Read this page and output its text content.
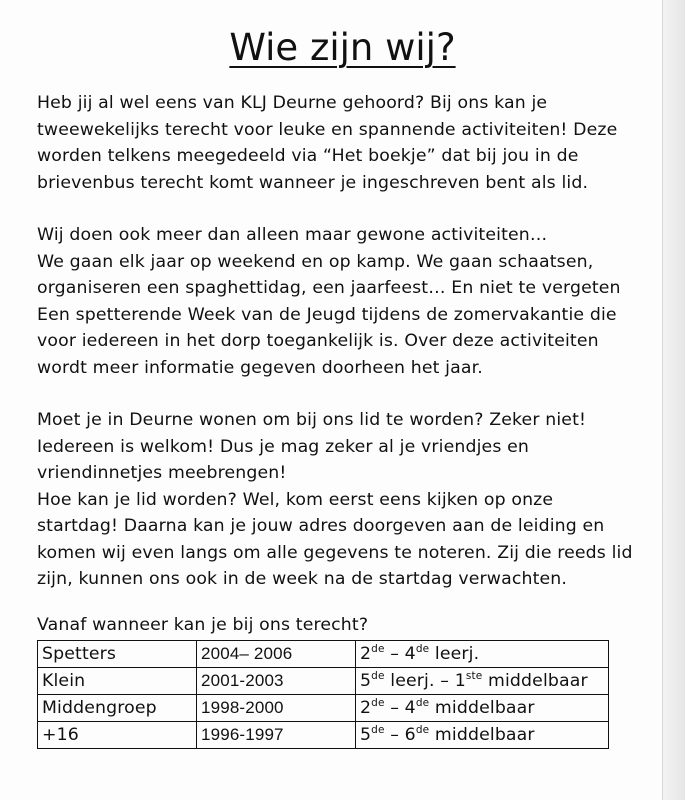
Wie zijn wij?
Heb jij al wel eens van KLJ Deurne gehoord? Bij ons kan je
tweewekelijks terecht voor leuke en spannende activiteiten! Deze
worden telkens meegedeeld via “Het boekje” dat bij jou in de
brievenbus terecht komt wanneer je ingeschreven bent als lid.
Wij doen ook meer dan alleen maar gewone activiteiten…
We gaan elk jaar op weekend en op kamp. We gaan schaatsen,
organiseren een spaghettidag, een jaarfeest… En niet te vergeten
Een spetterende Week van de Jeugd tijdens de zomervakantie die
voor iedereen in het dorp toegankelijk is. Over deze activiteiten
wordt meer informatie gegeven doorheen het jaar.
Moet je in Deurne wonen om bij ons lid te worden? Zeker niet!
Iedereen is welkom! Dus je mag zeker al je vriendjes en
vriendinnetjes meebrengen!
Hoe kan je lid worden? Wel, kom eerst eens kijken op onze
startdag! Daarna kan je jouw adres doorgeven aan de leiding en
komen wij even langs om alle gegevens te noteren. Zij die reeds lid
zijn, kunnen ons ook in de week na de startdag verwachten.
Vanaf wanneer kan je bij ons terecht?
Spetters	2004– 2006	2de – 4de leerj.
Klein	2001-2003	5de leerj. – 1ste middelbaar
Middengroep	1998-2000	2de – 4de middelbaar
+16	1996-1997	5de – 6de middelbaar
